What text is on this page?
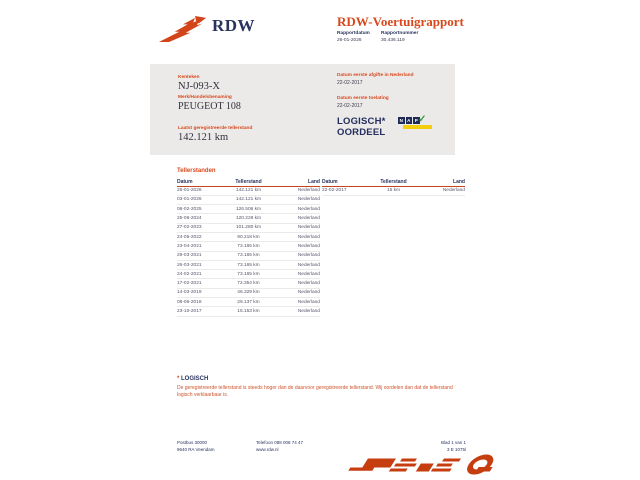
RDW	RDW-Voertuigrapport
Rapportdatum Rapportnummer
26-01-2026	30.436.119
Kenteken
NJ-093-X
Merk/Handelsbenaming
PEUGEOT 108
Laatst geregistreerde tellerstand
142.121 km
Datum eerste afgifte in Nederland
22-02-2017
Datum eerste toelating
22-02-2017
LOGISCH*
OORDEEL
N A P ✓
Tellerstanden
Datum	Tellerstand	Land
26-01-2026	142.121 km	Nederland
03-01-2026	142.121 km	Nederland
06-02-2025	126.506 km	Nederland
25-06-2024	120.228 km	Nederland
27-02-2023	101.280 km	Nederland
24-05-2022	90.218 km	Nederland
23-04-2021	73.165 km	Nederland
29-03-2021	73.165 km	Nederland
26-03-2021	73.165 km	Nederland
24-02-2021	73.165 km	Nederland
17-02-2021	72.354 km	Nederland
14-03-2019	46.329 km	Nederland
08-06-2018	29.137 km	Nederland
23-10-2017	15.153 km	Nederland
Datum	Tellerstand	Land
22-02-2017	15 km	Nederland
* LOGISCH
De geregistreerde tellerstand is steeds hoger dan de daarvoor geregistreerde tellerstand. Wij oordelen dan dat de tellerstand logisch verklaarbaar is.
Postbus 30000
9640 RA Veendam
Telefoon 088 008 74 47
www.rdw.nl
Blad 1 van 1
3 E 1075l
